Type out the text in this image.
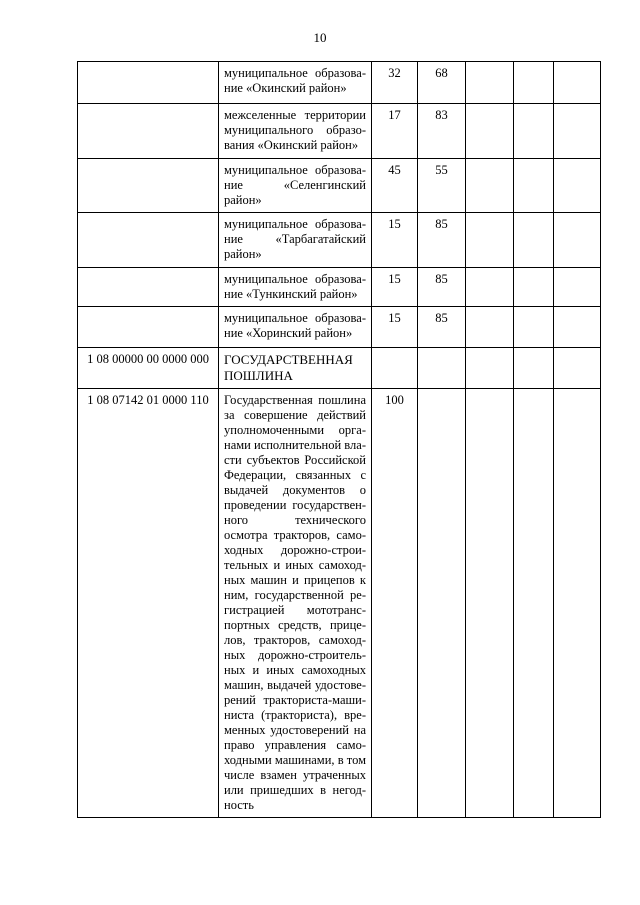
10
	муниципальное образование «Окинский район»	32	68			
	межселенные территории муниципального образования «Окинский район»	17	83			
	муниципальное образование «Селенгинский район»	45	55			
	муниципальное образование «Тарбагатайский район»	15	85			
	муниципальное образование «Тункинский район»	15	85			
	муниципальное образование «Хоринский район»	15	85			
1 08 00000 00 0000 000	ГОСУДАРСТВЕННАЯ ПОШЛИНА					
1 08 07142 01 0000 110	Государственная пошлина за совершение действий уполномоченными органами исполнительной власти субъектов Российской Федерации, связанных с выдачей документов о проведении государственного технического осмотра тракторов, самоходных дорожно-строительных и иных самоходных машин и прицепов к ним, государственной регистрацией мототранспортных средств, прицелов, тракторов, самоходных дорожно-строительных и иных самоходных машин, выдачей удостоверений тракториста-машиниста (тракториста), временных удостоверений на право управления самоходными машинами, в том числе взамен утраченных или пришедших в негодность	100				
